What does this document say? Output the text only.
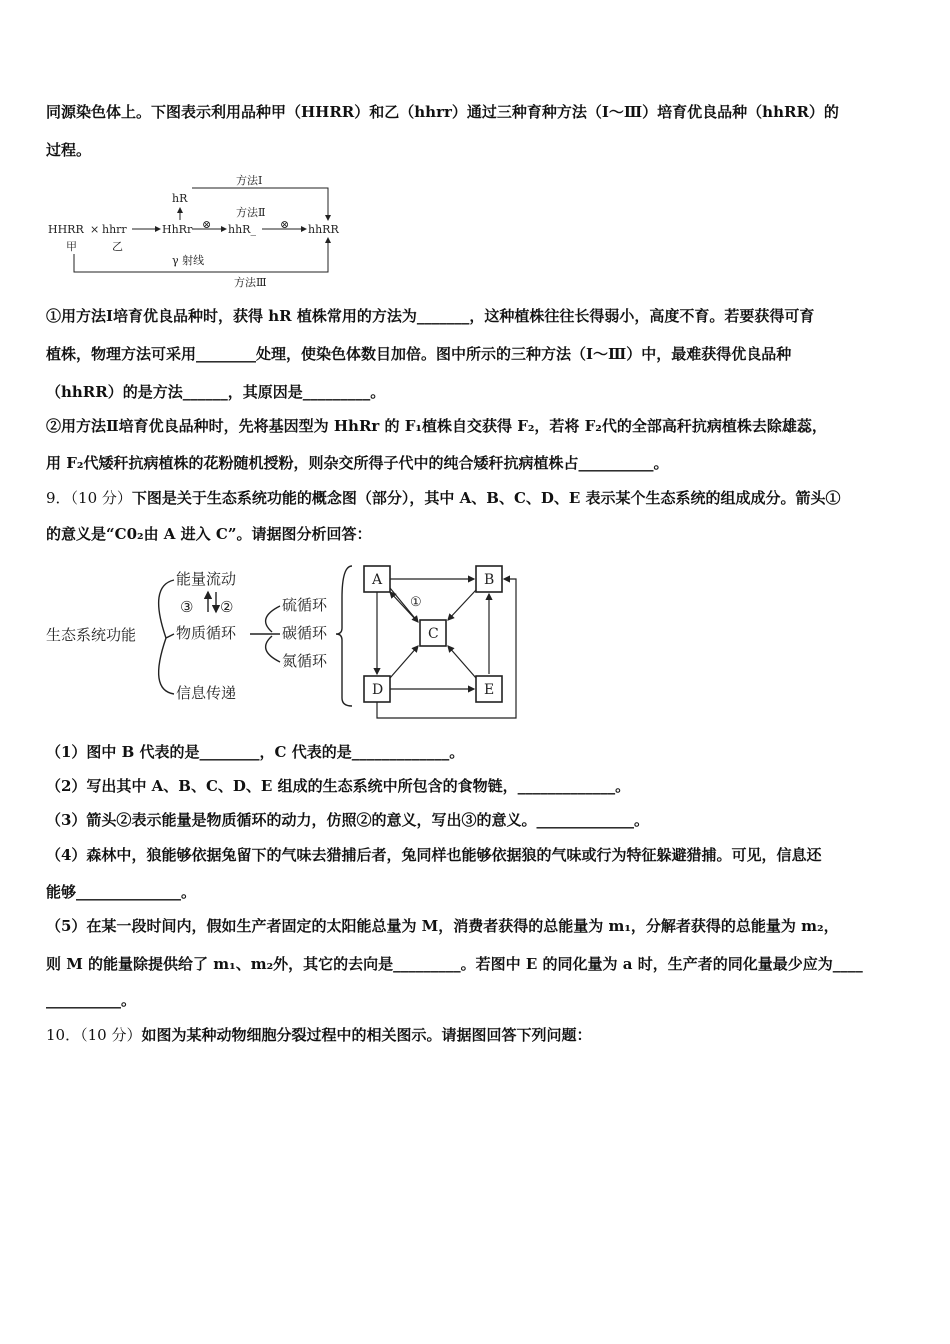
同源染色体上。下图表示利用品种甲（HHRR）和乙（hhrr）通过三种育种方法（Ⅰ～Ⅲ）培育优良品种（hhRR）的
过程。
HHRR × hhrr	HhRr
hR
hhR_	hhRR
甲	乙
⊗	⊗
方法Ⅰ
方法Ⅱ
方法Ⅲ
γ 射线
①用方法Ⅰ培育优良品种时，获得 hR 植株常用的方法为_______，这种植株往往长得弱小，高度不育。若要获得可育
植株，物理方法可采用________处理，使染色体数目加倍。图中所示的三种方法（Ⅰ～Ⅲ）中，最难获得优良品种
（hhRR）的是方法______，其原因是_________。
②用方法Ⅱ培育优良品种时，先将基因型为 HhRr 的 F₁植株自交获得 F₂，若将 F₂代的全部高秆抗病植株去除雄蕊，
用 F₂代矮秆抗病植株的花粉随机授粉，则杂交所得子代中的纯合矮秆抗病植株占__________。
9．（10 分）下图是关于生态系统功能的概念图（部分），其中 A、B、C、D、E 表示某个生态系统的组成成分。箭头①
的意义是“C0₂由 A 进入 C”。请据图分析回答：
生态系统功能
能量流动
物质循环
信息传递
③ ②	硫循环
碳循环
氮循环
A	B
C
D	E
①
（1）图中 B 代表的是________，C 代表的是_____________。
（2）写出其中 A、B、C、D、E 组成的生态系统中所包含的食物链，_____________。
（3）箭头②表示能量是物质循环的动力，仿照②的意义，写出③的意义。_____________。
（4）森林中，狼能够依据兔留下的气味去猎捕后者，兔同样也能够依据狼的气味或行为特征躲避猎捕。可见，信息还
能够______________。
（5）在某一段时间内，假如生产者固定的太阳能总量为 M，消费者获得的总能量为 m₁，分解者获得的总能量为 m₂，
则 M 的能量除提供给了 m₁、m₂外，其它的去向是_________。若图中 E 的同化量为 a 时，生产者的同化量最少应为____
__________。
10．（10 分）如图为某种动物细胞分裂过程中的相关图示。请据图回答下列问题：
